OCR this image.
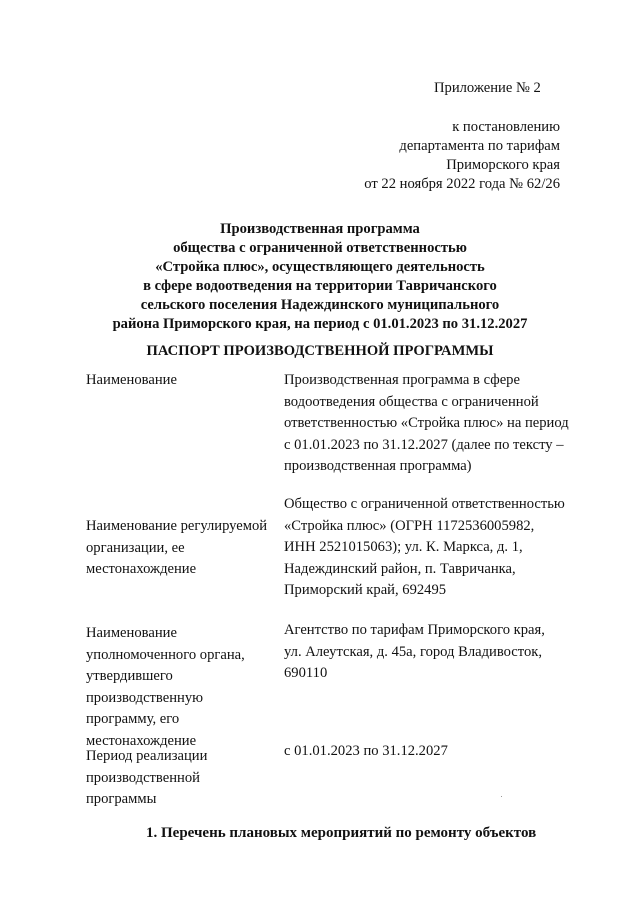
Приложение № 2
к постановлению
департамента по тарифам
Приморского края
от 22 ноября 2022 года № 62/26
Производственная программа
общества с ограниченной ответственностью
«Стройка плюс», осуществляющего деятельность
в сфере водоотведения на территории Тавричанского
сельского поселения Надеждинского муниципального
района Приморского края, на период с 01.01.2023 по 31.12.2027
ПАСПОРТ ПРОИЗВОДСТВЕННОЙ ПРОГРАММЫ
Наименование	Производственная программа в сфере
водоотведения общества с ограниченной
ответственностью «Стройка плюс» на период
с 01.01.2023 по 31.12.2027 (далее по тексту –
производственная программа)
Наименование регулируемой
организации, ее
местонахождение
Общество с ограниченной ответственностью
«Стройка плюс» (ОГРН 1172536005982,
ИНН 2521015063); ул. К. Маркса, д. 1,
Надеждинский район, п. Тавричанка,
Приморский край, 692495
Наименование
уполномоченного органа,
утвердившего
производственную
программу, его
местонахождение
Агентство по тарифам Приморского края,
ул. Алеутская, д. 45а, город Владивосток,
690110
Период реализации
производственной
программы
с 01.01.2023 по 31.12.2027
1. Перечень плановых мероприятий по ремонту объектов
